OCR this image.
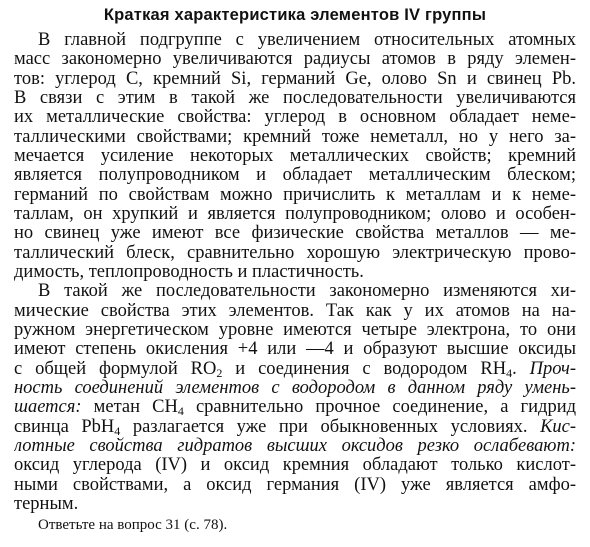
Краткая характеристика элементов IV группы
В главной подгруппе с увеличением относительных атомных
масс закономерно увеличиваются радиусы атомов в ряду элемен-
тов: углерод С, кремний Si, германий Ge, олово Sn и свинец Pb.
В связи с этим в такой же последовательности увеличиваются
их металлические свойства: углерод в основном обладает неме-
таллическими свойствами; кремний тоже неметалл, но у него за-
мечается усиление некоторых металлических свойств; кремний
является полупроводником и обладает металлическим блеском;
германий по свойствам можно причислить к металлам и к неме-
таллам, он хрупкий и является полупроводником; олово и особен-
но свинец уже имеют все физические свойства металлов — ме-
таллический блеск, сравнительно хорошую электрическую прово-
димость, теплопроводность и пластичность.
В такой же последовательности закономерно изменяются хи-
мические свойства этих элементов. Так как у их атомов на на-
ружном энергетическом уровне имеются четыре электрона, то они
имеют степень окисления +4 или —4 и образуют высшие оксиды
с общей формулой $RO_2$ и соединения с водородом $RH_4$. Проч-
ность соединений элементов с водородом в данном ряду умень-
шается: метан $CH_4$ сравнительно прочное соединение, а гидрид
свинца PbH$_4$ разлагается уже при обыкновенных условиях. Кис-
Ответьте на вопрос 31 (с. 78).
лотные свойства гидратов высших оксидов резко ослабевают:
оксид углерода (IV) и оксид кремния обладают только кислот-
ными свойствами, а оксид германия (IV) уже является амфо-
терным.
